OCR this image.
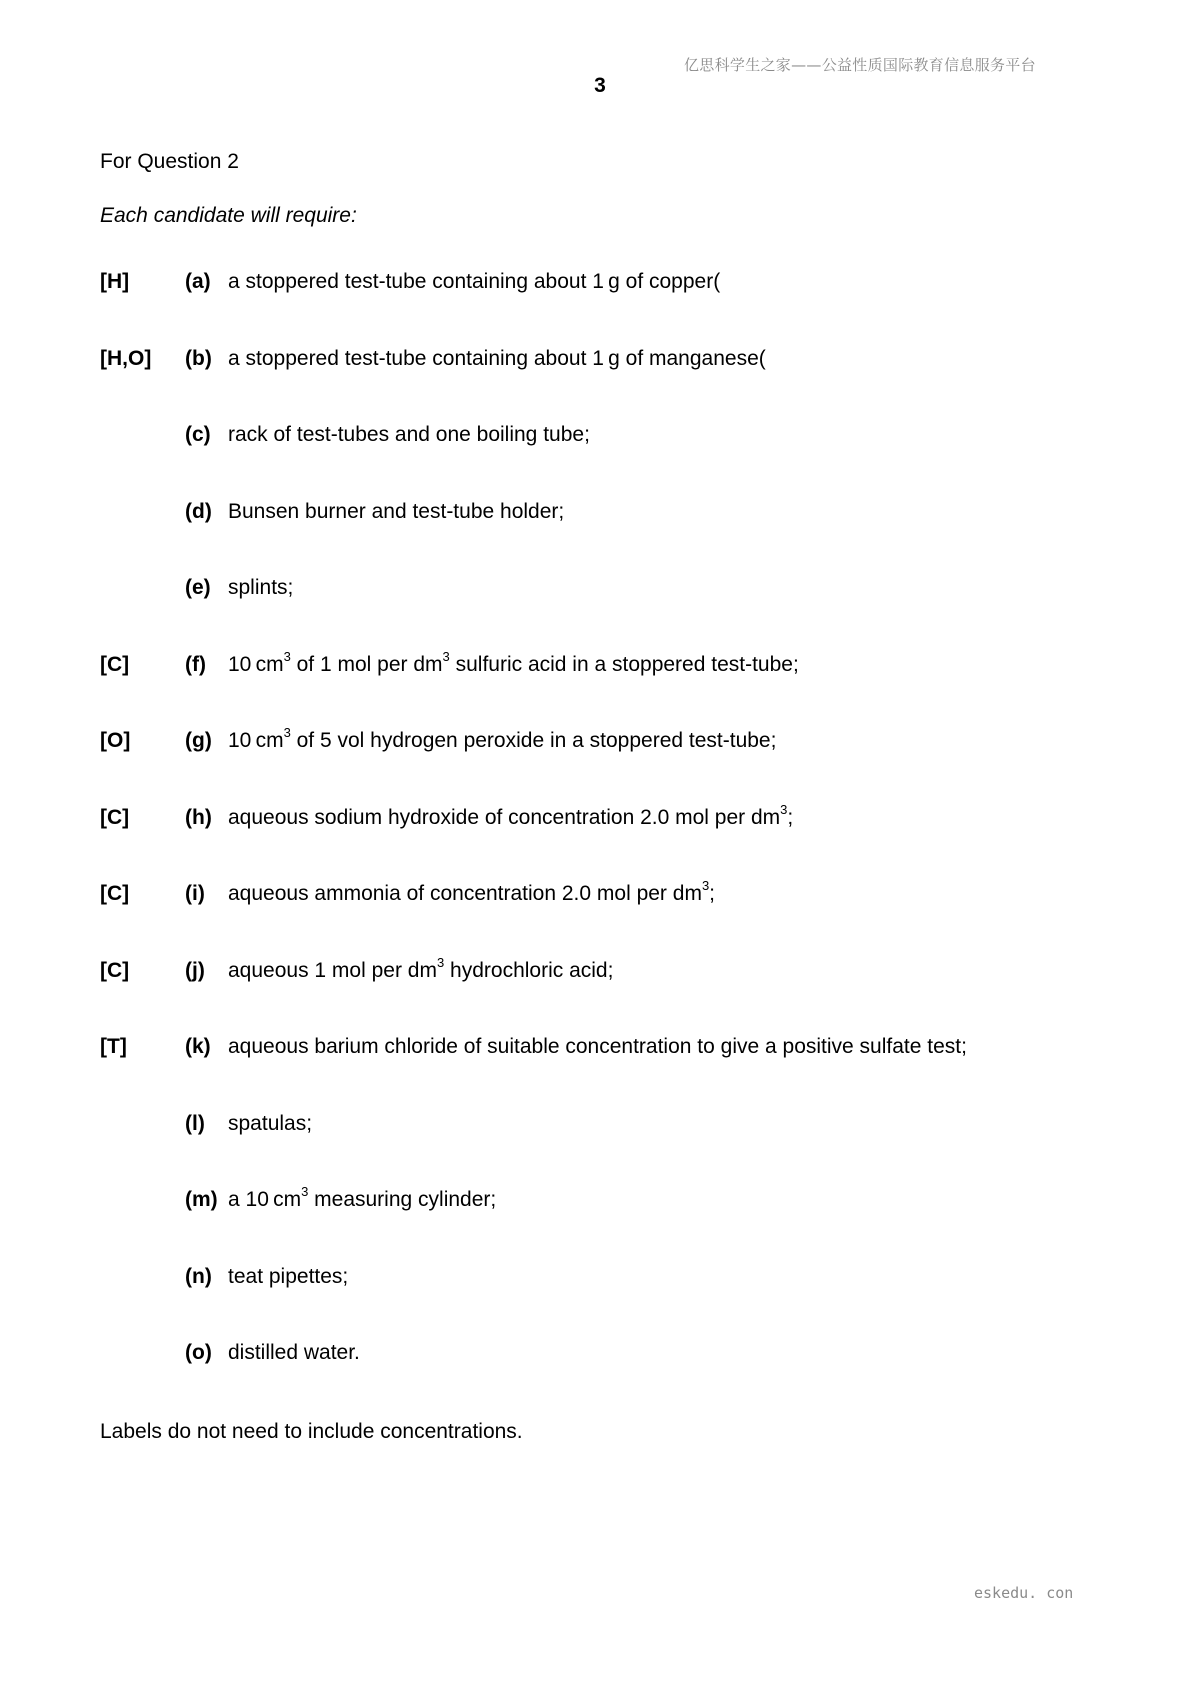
亿思科学生之家——公益性质国际教育信息服务平台
3
For Question 2
Each candidate will require:
[H]	(a) a stoppered test-tube containing about 1 g of copper(
[H,O] (b) a stoppered test-tube containing about 1 g of manganese(
(c) rack of test-tubes and one boiling tube;
(d) Bunsen burner and test-tube holder;
(e) splints;
[C]	(f) 10 $cm^3$ of 1 mol per $dm^3$ sulfuric acid in a stoppered test-tube;
[O]	(g) 10 $cm^3$ of 5 vol hydrogen peroxide in a stoppered test-tube;
[C]	(h) aqueous sodium hydroxide of concentration 2.0 mol per $dm^3$;
[C]	(i) aqueous ammonia of concentration 2.0 mol per $dm^3$;
[C]	(j) aqueous 1 mol per $dm^3$ hydrochloric acid;
[T]	(k) aqueous barium chloride of suitable concentration to give a positive sulfate test;
(l) spatulas;
(m) a 10 $cm^3$ measuring cylinder;
(n) teat pipettes;
(o) distilled water.
Labels do not need to include concentrations.
eskedu. con
